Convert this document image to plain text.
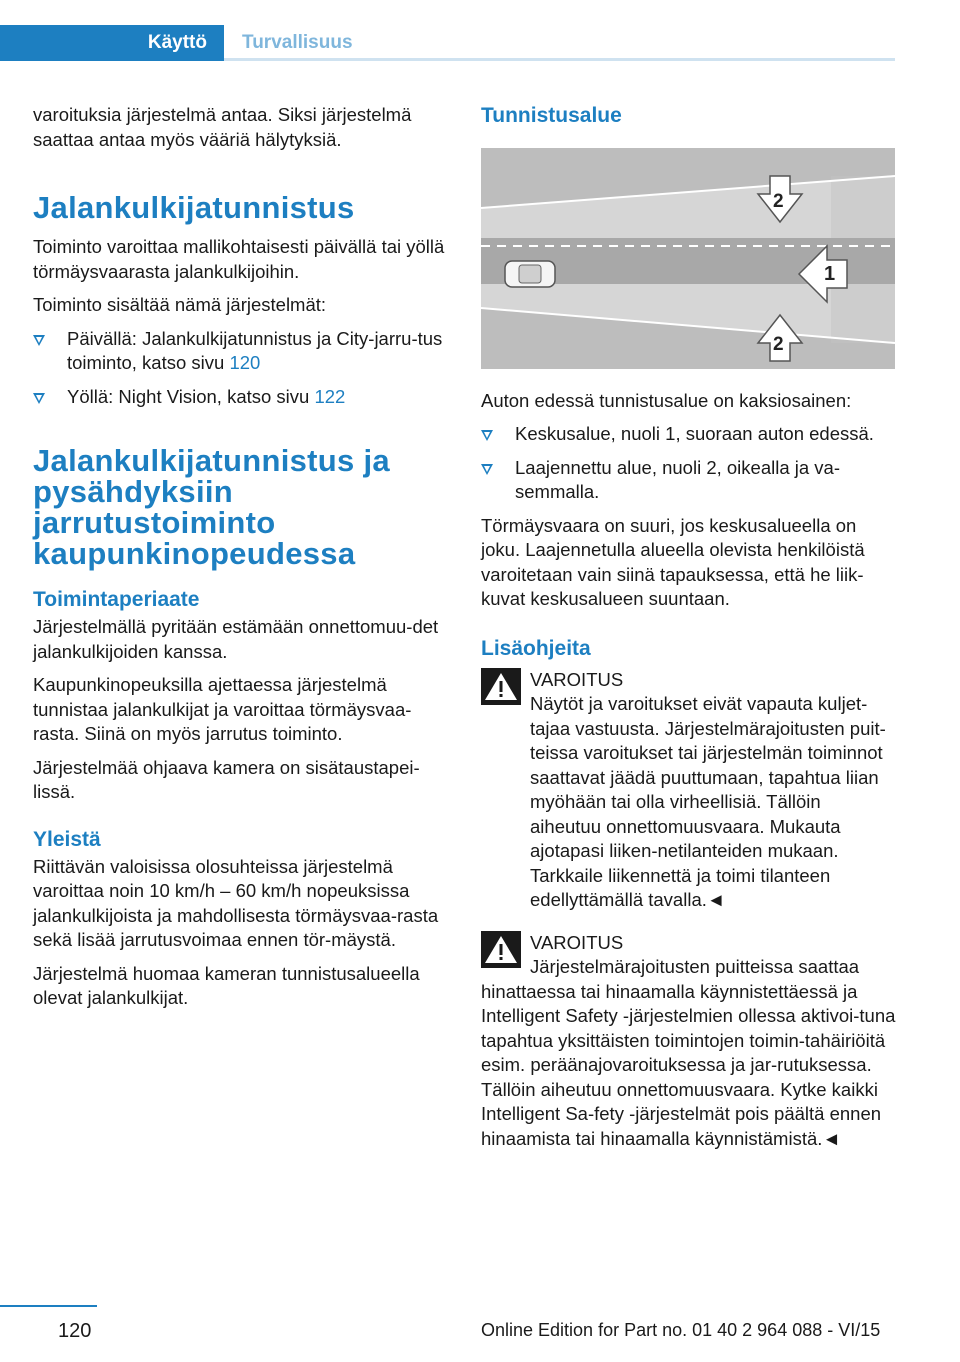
Käyttö	Turvallisuus

varoituksia järjestelmä antaa. Siksi järjestelmä saattaa antaa myös vääriä hälytyksiä.

Jalankulkijatunnistus

Toiminto varoittaa mallikohtaisesti päivällä tai yöllä törmäysvaarasta jalankulkijoihin.

Toiminto sisältää nämä järjestelmät:

Päivällä: Jalankulkijatunnistus ja City-jarru-tus toiminto, katso sivu 120
Yöllä: Night Vision, katso sivu 122
Jalankulkijatunnistus ja pysähdyksiin jarrutustoiminto kaupunkinopeudessa
Toimintaperiaate

Järjestelmällä pyritään estämään onnettomuu-det jalankulkijoiden kanssa.

Kaupunkinopeuksilla ajettaessa järjestelmä tunnistaa jalankulkijat ja varoittaa törmäysvaa-rasta. Siinä on myös jarrutus toiminto.

Järjestelmää ohjaava kamera on sisätaustapei-lissä.

Yleistä

Riittävän valoisissa olosuhteissa järjestelmä varoittaa noin 10 km/h – 60 km/h nopeuksissa jalankulkijoista ja mahdollisesta törmäysvaa-rasta sekä lisää jarrutusvoimaa ennen tör-mäystä.

Järjestelmä huomaa kameran tunnistusalueella olevat jalankulkijat.

Tunnistusalue
1
2
2

Auton edessä tunnistusalue on kaksiosainen:

Keskusalue, nuoli 1, suoraan auton edessä.
Laajennettu alue, nuoli 2, oikealla ja va-semmalla.

Törmäysvaara on suuri, jos keskusalueella on joku. Laajennetulla alueella olevista henkilöistä varoitetaan vain siinä tapauksessa, että he liik-kuvat keskusalueen suuntaan.

Lisäohjeita
VAROITUS
Näytöt ja varoitukset eivät vapauta kuljet-tajaa vastuusta. Järjestelmärajoitusten puit-teissa varoitukset tai järjestelmän toiminnot saattavat jäädä puuttumaan, tapahtua liian myöhään tai olla virheellisiä. Tällöin aiheutuu onnettomuusvaara. Mukauta ajotapasi liiken-netilanteiden mukaan. Tarkkaile liikennettä ja toimi tilanteen edellyttämällä tavalla.◄
VAROITUS
Järjestelmärajoitusten puitteissa saattaa
hinattaessa tai hinaamalla käynnistettäessä ja Intelligent Safety -järjestelmien ollessa aktivoi-tuna tapahtua yksittäisten toimintojen toimin-tahäiriöitä esim. peräänajovaroituksessa ja jar-rutuksessa. Tällöin aiheutuu onnettomuusvaara. Kytke kaikki Intelligent Sa-fety -järjestelmät pois päältä ennen hinaamista tai hinaamalla käynnistämistä.◄
120	Online Edition for Part no. 01 40 2 964 088 - VI/15
